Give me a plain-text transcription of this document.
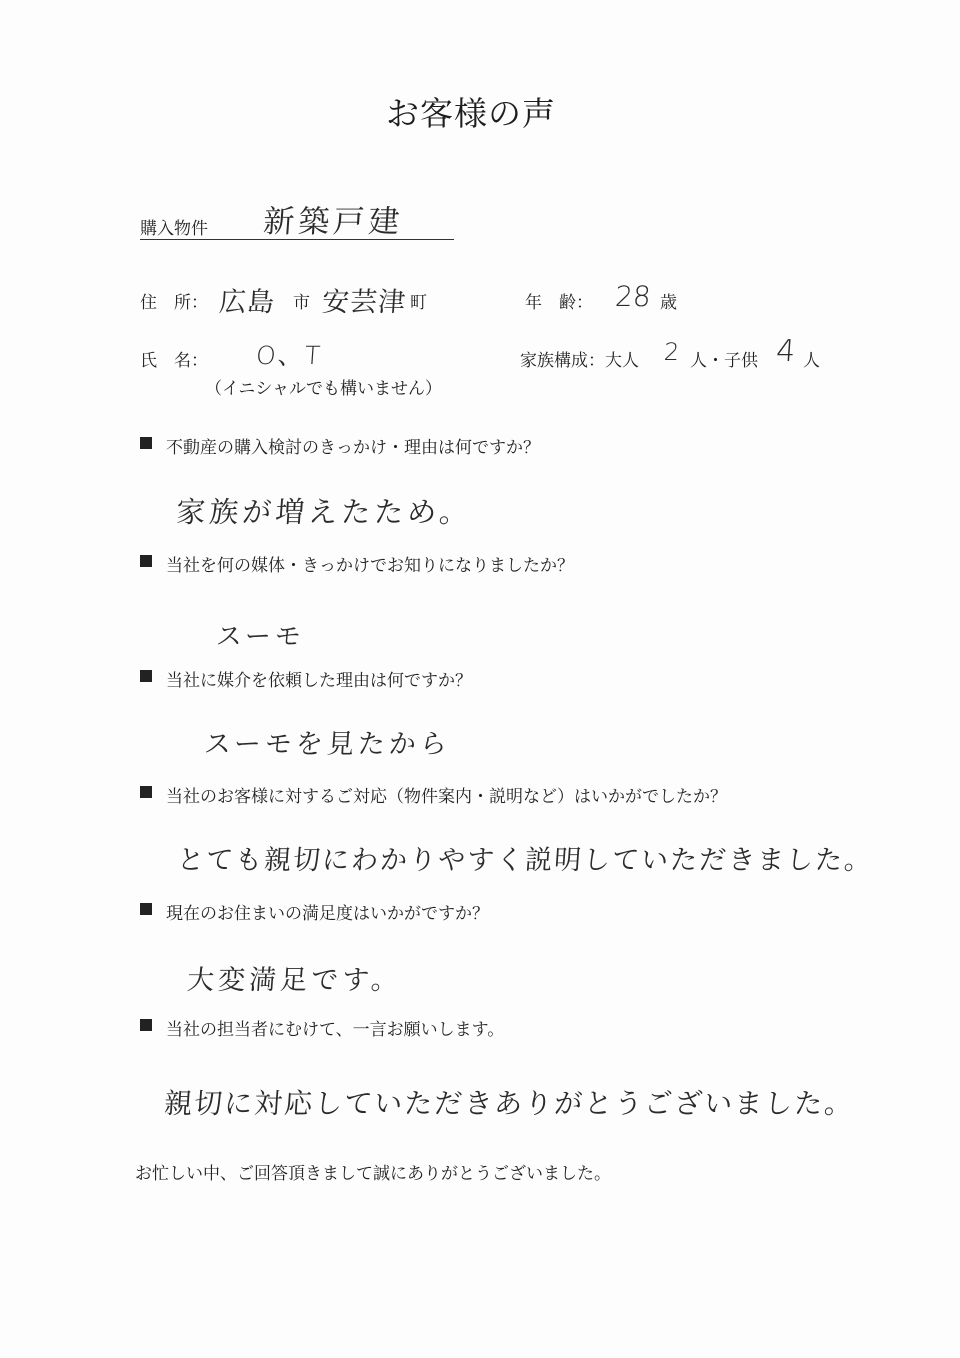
お客様の声
購入物件 新築戸建
住　所： 広島 市 安芸津 町	年　齢： 28 歳
氏　名： O、T
（イニシャルでも構いません）
家族構成：大人 2 人・子供 4 人
不動産の購入検討のきっかけ・理由は何ですか？
家族が増えたため。
当社を何の媒体・きっかけでお知りになりましたか？
スーモ
当社に媒介を依頼した理由は何ですか？
スーモを見たから
当社のお客様に対するご対応（物件案内・説明など）はいかがでしたか？
とても親切にわかりやすく説明していただきました。
現在のお住まいの満足度はいかがですか？
大変満足です。
当社の担当者にむけて、一言お願いします。
親切に対応していただきありがとうございました。
お忙しい中、ご回答頂きまして誠にありがとうございました。
